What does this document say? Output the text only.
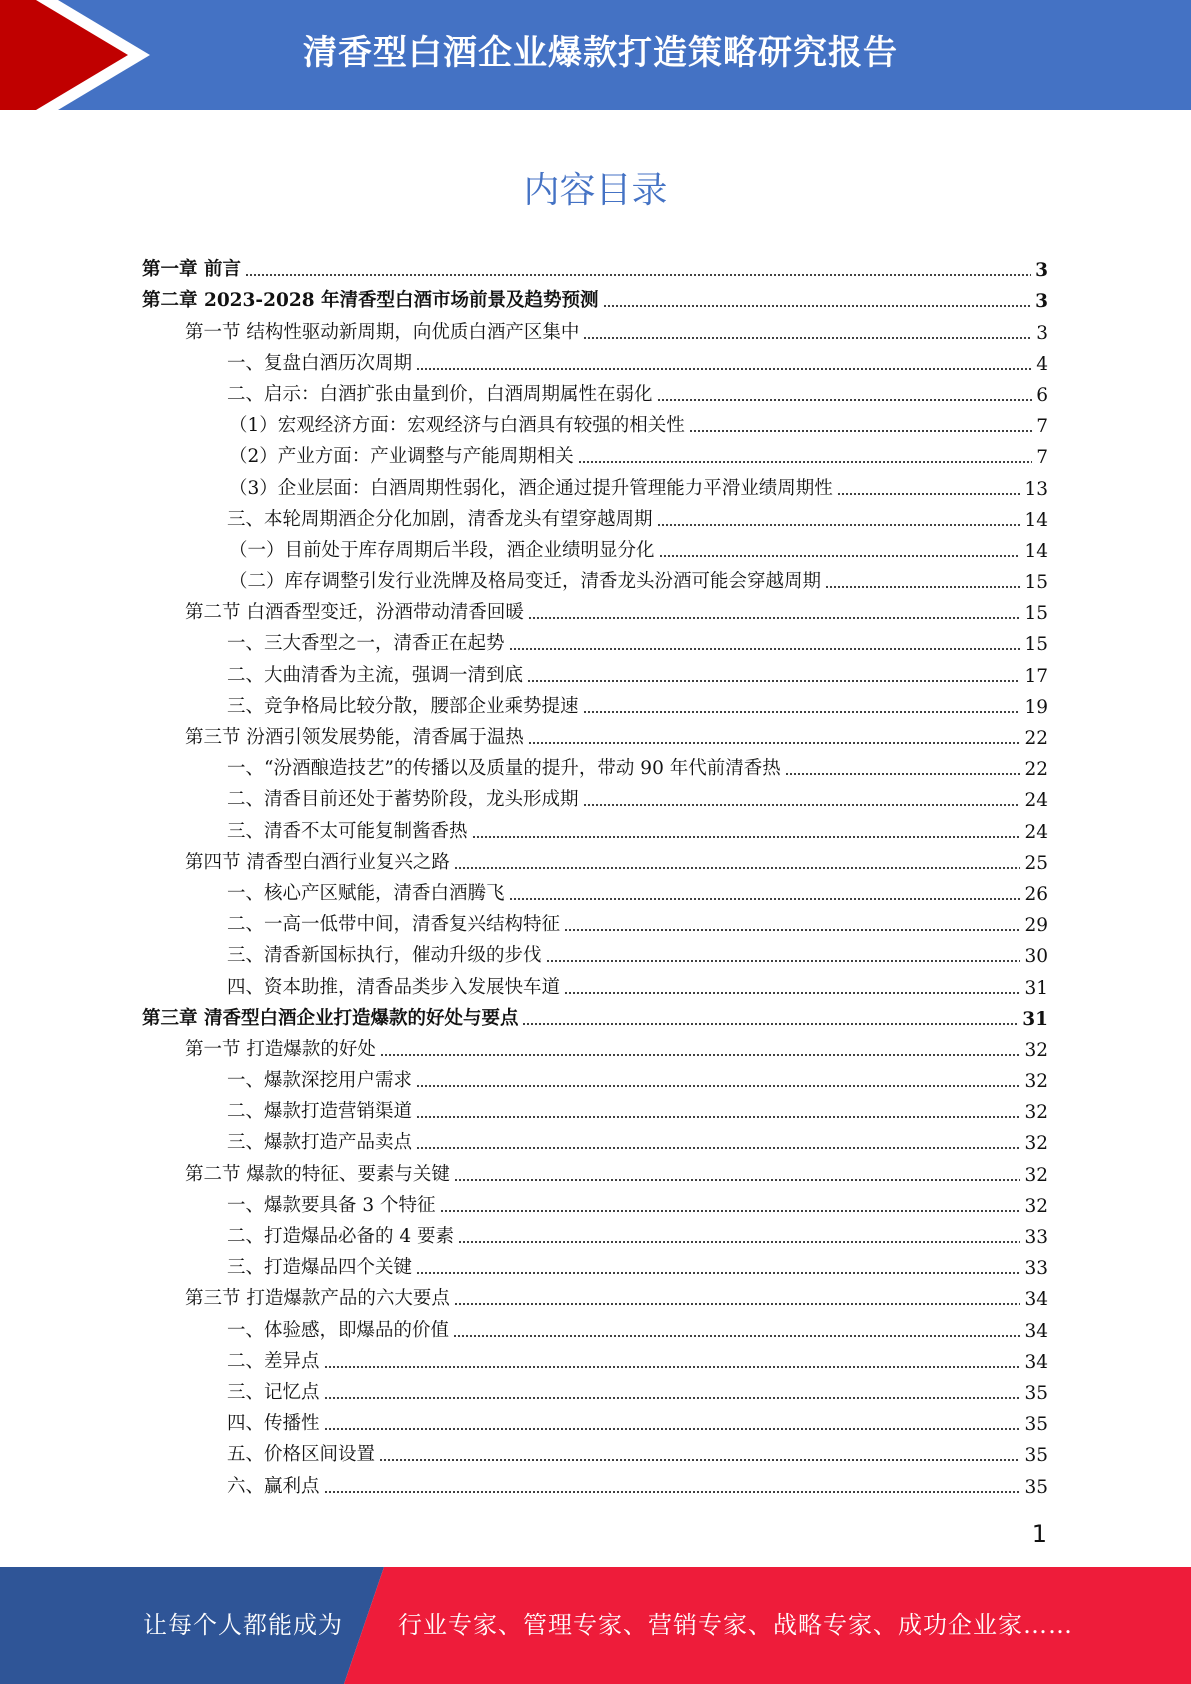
清香型白酒企业爆款打造策略研究报告
内容目录
第一章 前言	3
第二章 2023-2028 年清香型白酒市场前景及趋势预测	3
第一节 结构性驱动新周期，向优质白酒产区集中	3
一、复盘白酒历次周期	4
二、启示：白酒扩张由量到价，白酒周期属性在弱化	6
（1）宏观经济方面：宏观经济与白酒具有较强的相关性	7
（2）产业方面：产业调整与产能周期相关	7
（3）企业层面：白酒周期性弱化，酒企通过提升管理能力平滑业绩周期性	13
三、本轮周期酒企分化加剧，清香龙头有望穿越周期	14
（一）目前处于库存周期后半段，酒企业绩明显分化	14
（二）库存调整引发行业洗牌及格局变迁，清香龙头汾酒可能会穿越周期	15
第二节 白酒香型变迁，汾酒带动清香回暖	15
一、三大香型之一，清香正在起势	15
二、大曲清香为主流，强调一清到底	17
三、竞争格局比较分散，腰部企业乘势提速	19
第三节 汾酒引领发展势能，清香属于温热	22
一、“汾酒酿造技艺”的传播以及质量的提升，带动 90 年代前清香热	22
二、清香目前还处于蓄势阶段，龙头形成期	24
三、清香不太可能复制酱香热	24
第四节 清香型白酒行业复兴之路	25
一、核心产区赋能，清香白酒腾飞	26
二、一高一低带中间，清香复兴结构特征	29
三、清香新国标执行，催动升级的步伐	30
四、资本助推，清香品类步入发展快车道	31
第三章 清香型白酒企业打造爆款的好处与要点	31
第一节 打造爆款的好处	32
一、爆款深挖用户需求	32
二、爆款打造营销渠道	32
三、爆款打造产品卖点	32
第二节 爆款的特征、要素与关键	32
一、爆款要具备 3 个特征	32
二、打造爆品必备的 4 要素	33
三、打造爆品四个关键	33
第三节 打造爆款产品的六大要点	34
一、体验感，即爆品的价值	34
二、差异点	34
三、记忆点	35
四、传播性	35
五、价格区间设置	35
六、赢利点	35
1
让每个人都能成为 行业专家、管理专家、营销专家、战略专家、成功企业家……
